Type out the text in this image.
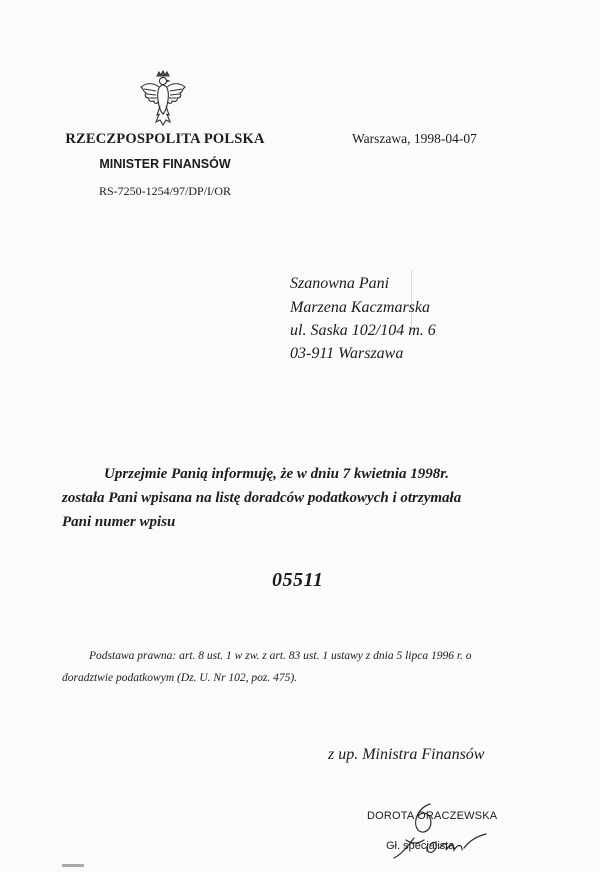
RZECZPOSPOLITA POLSKA
MINISTER FINANSÓW
RS-7250-1254/97/DP/I/OR
Warszawa, 1998-04-07
Szanowna Pani
Marzena Kaczmarska
ul. Saska 102/104 m. 6
03-911 Warszawa
Uprzejmie Panią informuję, że w dniu 7 kwietnia 1998r.
została Pani wpisana na listę doradców podatkowych i otrzymała
Pani numer wpisu
05511
Podstawa prawna: art. 8 ust. 1 w zw. z art. 83 ust. 1 ustawy z dnia 5 lipca 1996 r. o
doradztwie podatkowym (Dz. U. Nr 102, poz. 475).
z up. Ministra Finansów
DOROTA ORACZEWSKA
Gł. specjalista
